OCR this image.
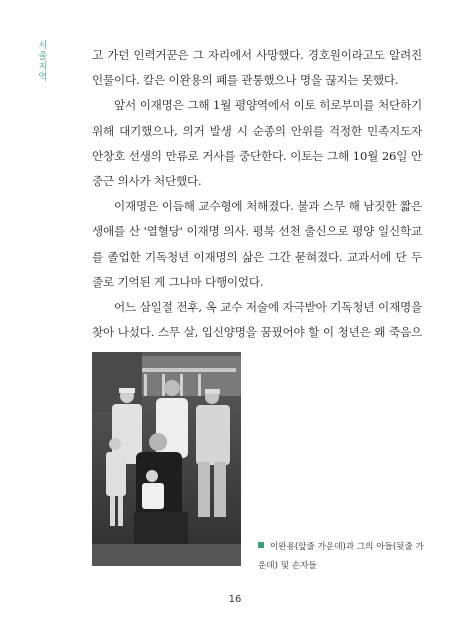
서울지역	고 가던 인력거꾼은 그 자리에서 사망했다. 경호원이라고도 알려진 인물이다. 칼은 이완용의 폐를 관통했으나 명을 끊지는 못했다.

앞서 이재명은 그해 1월 평양역에서 이토 히로부미를 처단하기 위해 대기했으나, 의거 발생 시 순종의 안위를 걱정한 민족지도자 안창호 선생의 만류로 거사를 중단한다. 이토는 그해 10월 26일 안중근 의사가 처단했다.

이재명은 이듬해 교수형에 처해졌다. 불과 스무 해 남짓한 짧은 생애를 산 '열혈당' 이재명 의사. 평북 선천 출신으로 평양 일신학교를 졸업한 기독청년 이재명의 삶은 그간 묻혀졌다. 교과서에 단 두 줄로 기억된 게 그나마 다행이었다.

어느 삼일절 전후, 옥 교수 저술에 자극받아 기독청년 이재명을 찾아 나섰다. 스무 살, 입신양명을 꿈꿨어야 할 이 청년은 왜 죽음으

이완용(앞줄 가운데)과 그의 아들(뒷줄 가운데) 및 손자들
16
